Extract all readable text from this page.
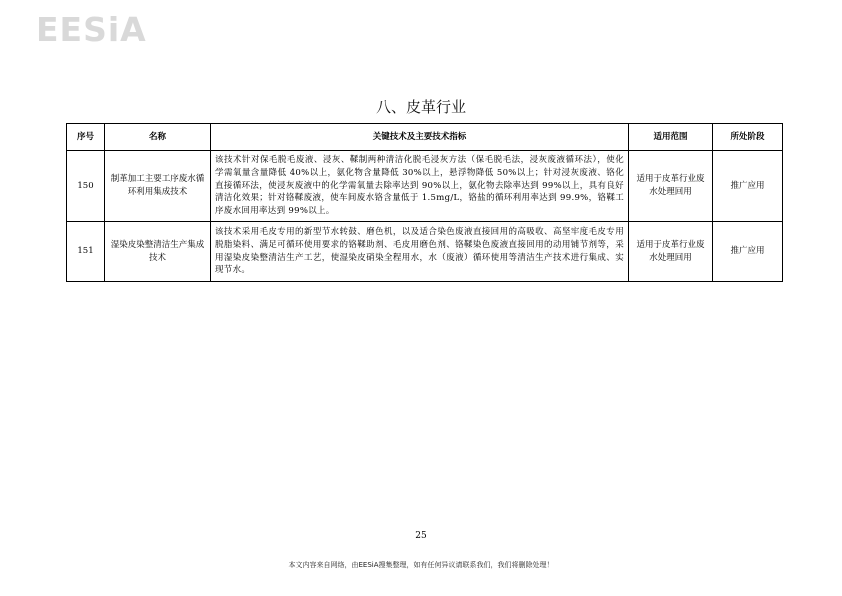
EESiA
八、皮革行业
序号	名称	关键技术及主要技术指标	适用范围	所处阶段
150	制革加工主要工序废水循环利用集成技术	该技术针对保毛脱毛废液、浸灰、鞣制两种清洁化脱毛浸灰方法（保毛脱毛法，浸灰废液循环法），使化学需氧量含量降低 40%以上，氨化物含量降低 30%以上，悬浮物降低 50%以上；针对浸灰废液、铬化直接循环法，使浸灰废液中的化学需氧量去除率达到 90%以上，氨化物去除率达到 99%以上，具有良好清洁化效果；针对铬鞣废液，使车间废水铬含量低于 1.5mg/L，铬盐的循环利用率达到 99.9%，铬鞣工序废水回用率达到 99%以上。	适用于皮革行业废水处理回用	推广应用
151	湿染皮染整清洁生产集成技术	该技术采用毛皮专用的新型节水转鼓、磨色机，以及适合染色废液直接回用的高吸收、高坚牢度毛皮专用脱脂染料、满足可循环使用要求的铬鞣助剂、毛皮用磨色剂、铬鞣染色废液直接回用的动用铺节剂等，采用湿染皮染整清洁生产工艺，使湿染皮硝染全程用水，水（废液）循环使用等清洁生产技术进行集成、实现节水。	适用于皮革行业废水处理回用	推广应用
25
本文内容来自网络，由EESiA搜集整理，如有任何异议请联系我们，我们将删除处理！
